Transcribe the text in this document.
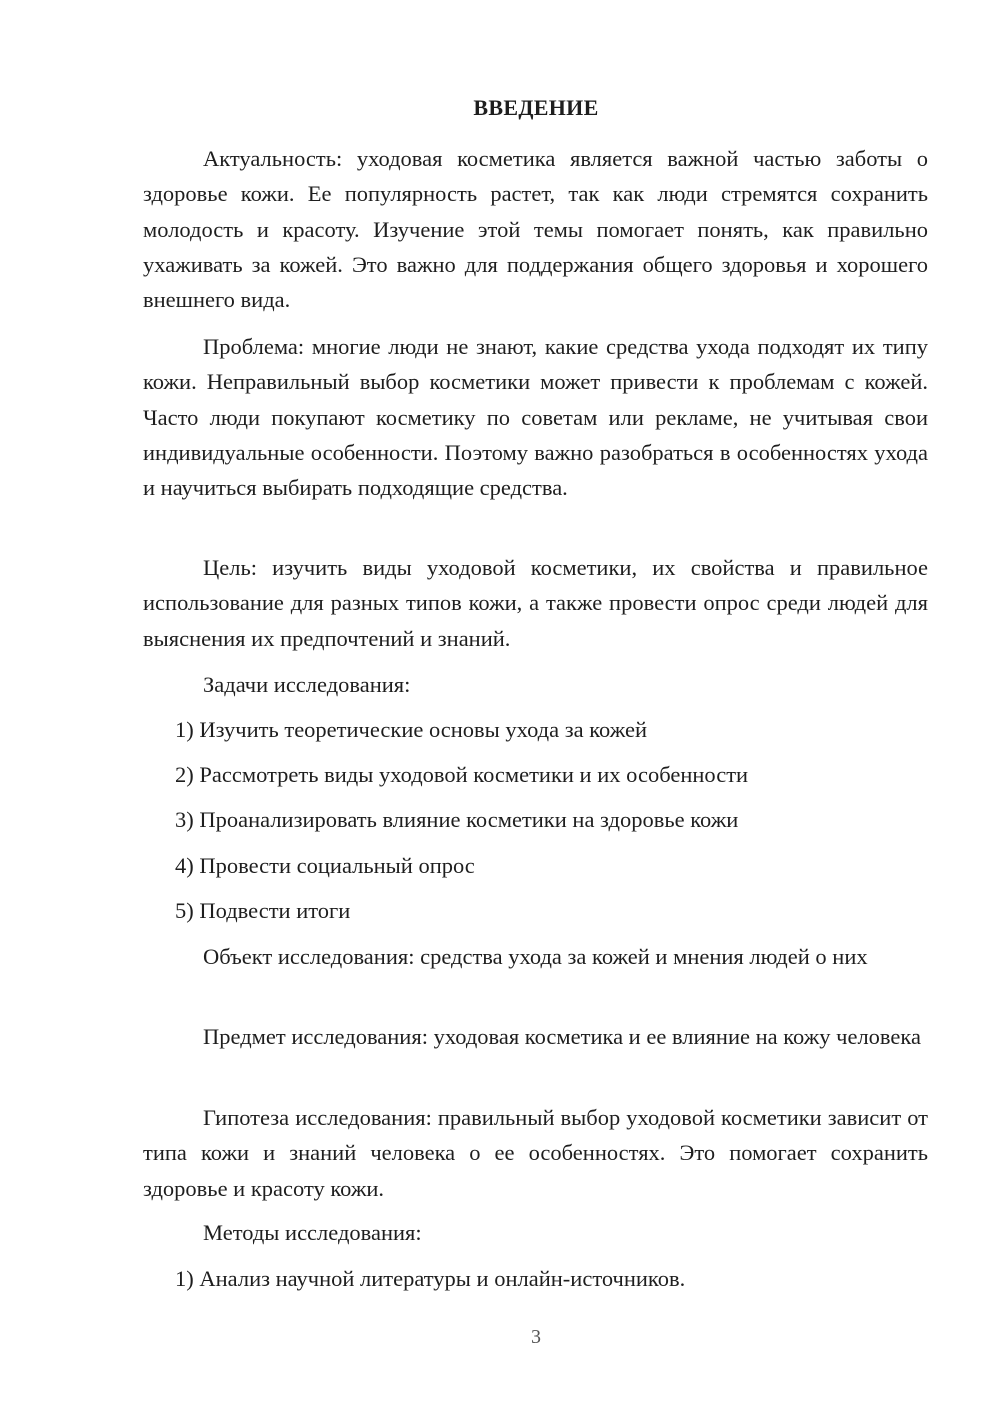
ВВЕДЕНИЕ

Актуальность: уходовая косметика является важной частью заботы о здоровье кожи. Ее популярность растет, так как люди стремятся сохранить молодость и красоту. Изучение этой темы помогает понять, как правильно ухаживать за кожей. Это важно для поддержания общего здоровья и хорошего внешнего вида.

Проблема: многие люди не знают, какие средства ухода подходят их типу кожи. Неправильный выбор косметики может привести к проблемам с кожей. Часто люди покупают косметику по советам или рекламе, не учитывая свои индивидуальные особенности. Поэтому важно разобраться в особенностях ухода и научиться выбирать подходящие средства.

Цель: изучить виды уходовой косметики, их свойства и правильное использование для разных типов кожи, а также провести опрос среди людей для выяснения их предпочтений и знаний.

Задачи исследования:
1) Изучить теоретические основы ухода за кожей
2) Рассмотреть виды уходовой косметики и их особенности
3) Проанализировать влияние косметики на здоровье кожи
4) Провести социальный опрос
5) Подвести итоги

Объект исследования: средства ухода за кожей и мнения людей о них

Предмет исследования: уходовая косметика и ее влияние на кожу человека

Гипотеза исследования: правильный выбор уходовой косметики зависит от типа кожи и знаний человека о ее особенностях. Это помогает сохранить здоровье и красоту кожи.

Методы исследования:
1) Анализ научной литературы и онлайн-источников.
3
